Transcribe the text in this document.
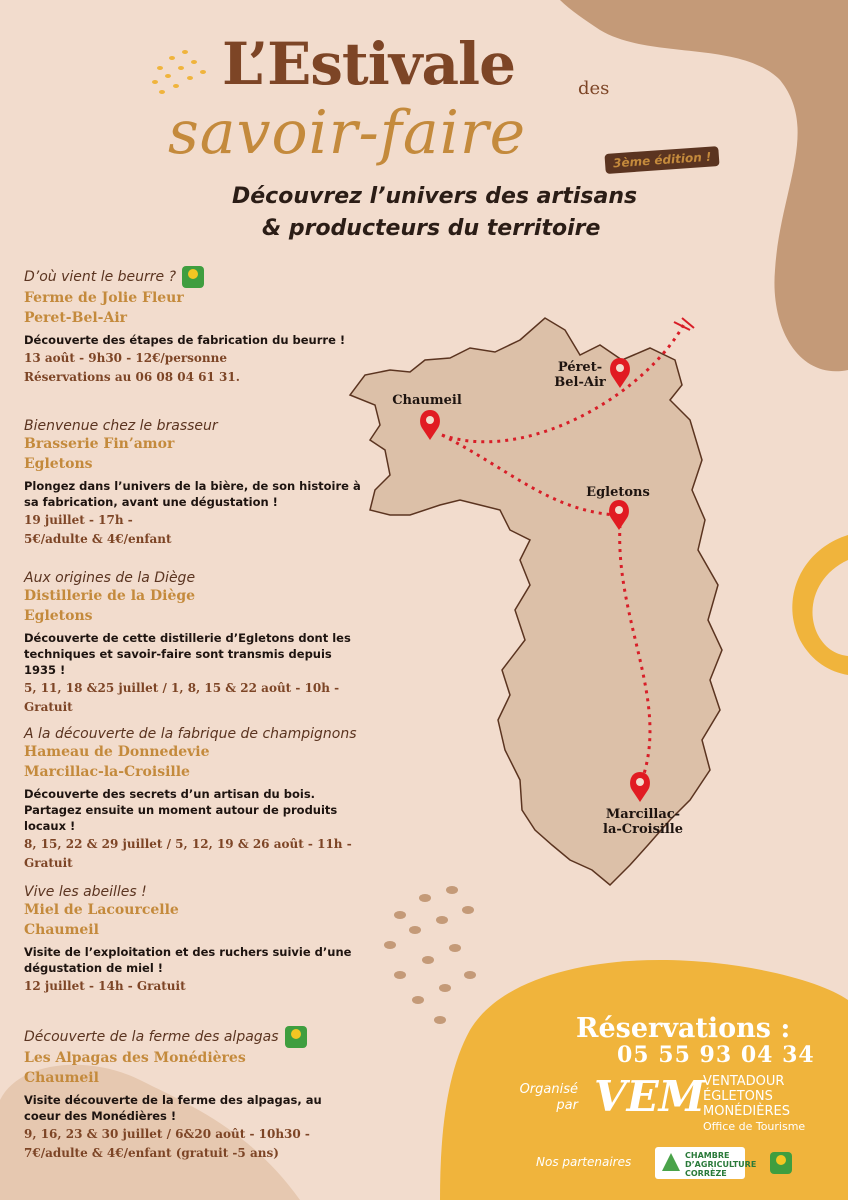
L’Estivale	des
savoir-faire	3ème édition !
Découvrez l’univers des artisans
& producteurs du territoire
D’où vient le beurre ?
Ferme de Jolie Fleur
Peret-Bel-Air
Découverte des étapes de fabrication du beurre !
13 août - 9h30 - 12€/personne
Réservations au 06 08 04 61 31.
Bienvenue chez le brasseur
Brasserie Fin’amor
Egletons
Plongez dans l’univers de la bière, de son histoire à sa fabrication, avant une dégustation !
19 juillet - 17h -
5€/adulte & 4€/enfant
Aux origines de la Diège
Distillerie de la Diège
Egletons
Découverte de cette distillerie d’Egletons dont les techniques et savoir-faire sont transmis depuis 1935 !
5, 11, 18 &25 juillet / 1, 8, 15 & 22 août - 10h -
Gratuit
A la découverte de la fabrique de champignons
Hameau de Donnedevie
Marcillac-la-Croisille
Découverte des secrets d’un artisan du bois. Partagez ensuite un moment autour de produits locaux !
8, 15, 22 & 29 juillet / 5, 12, 19 & 26 août - 11h -
Gratuit
Vive les abeilles !
Miel de Lacourcelle
Chaumeil
Visite de l’exploitation et des ruchers suivie d’une dégustation de miel !
12 juillet - 14h - Gratuit
Découverte de la ferme des alpagas
Les Alpagas des Monédières
Chaumeil
Visite découverte de la ferme des alpagas, au coeur des Monédières !
9, 16, 23 & 30 juillet / 6&20 août - 10h30 -
7€/adulte & 4€/enfant (gratuit -5 ans)
Péret-
Bel-Air
Chaumeil
Egletons
Marcillac-
la-Croisille
Réservations :
05 55 93 04 34
Organisé par VEM
VENTADOUR
ÉGLETONS
MONÉDIÈRES
Office de Tourisme
Nos partenaires	CHAMBRE
D’AGRICULTURE
CORRÈZE
